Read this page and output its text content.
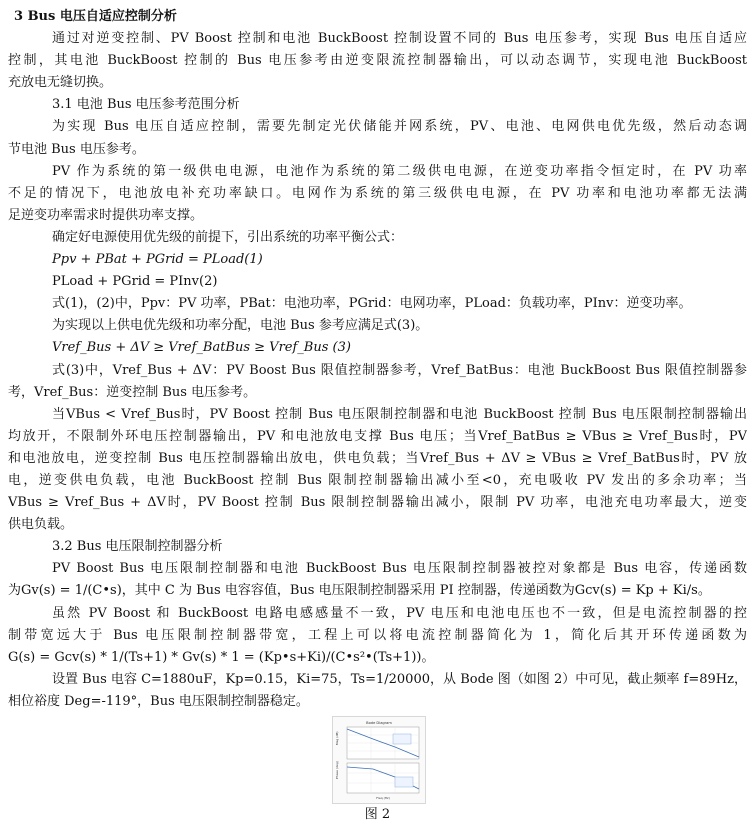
3 Bus 电压自适应控制分析
通过对逆变控制、PV Boost 控制和电池 BuckBoost 控制设置不同的 Bus 电压参考，实现 Bus 电压自适应
控制，其电池 BuckBoost 控制的 Bus 电压参考由逆变限流控制器输出，可以动态调节，实现电池 BuckBoost
充放电无缝切换。
3.1 电池 Bus 电压参考范围分析
为实现 Bus 电压自适应控制，需要先制定光伏储能并网系统，PV、电池、电网供电优先级，然后动态调
节电池 Bus 电压参考。
PV 作为系统的第一级供电电源，电池作为系统的第二级供电电源，在逆变功率指令恒定时，在 PV 功率
不足的情况下，电池放电补充功率缺口。电网作为系统的第三级供电电源，在 PV 功率和电池功率都无法满
足逆变功率需求时提供功率支撑。
确定好电源使用优先级的前提下，引出系统的功率平衡公式：
Ppv + PBat + PGrid = PLoad(1)
PLoad + PGrid = PInv(2)
式(1)，(2)中，Ppv：PV 功率，PBat：电池功率，PGrid：电网功率，PLoad：负载功率，PInv：逆变功率。
为实现以上供电优先级和功率分配，电池 Bus 参考应满足式(3)。
Vref_Bus + ΔV ≥ Vref_BatBus ≥ Vref_Bus (3)
式(3)中，Vref_Bus + ΔV：PV Boost Bus 限值控制器参考，Vref_BatBus：电池 BuckBoost Bus 限值控制器参
考，Vref_Bus：逆变控制 Bus 电压参考。
当VBus < Vref_Bus时，PV Boost 控制 Bus 电压限制控制器和电池 BuckBoost 控制 Bus 电压限制控制器输出
均放开，不限制外环电压控制器输出，PV 和电池放电支撑 Bus 电压；当Vref_BatBus ≥ VBus ≥ Vref_Bus时，PV
和电池放电，逆变控制 Bus 电压控制器输出放电，供电负载；当Vref_Bus + ΔV ≥ VBus ≥ Vref_BatBus时，PV 放
电，逆变供电负载，电池 BuckBoost 控制 Bus 限制控制器输出减小至<0，充电吸收 PV 发出的多余功率；当
VBus ≥ Vref_Bus + ΔV时，PV Boost 控制 Bus 限制控制器输出减小，限制 PV 功率，电池充电功率最大，逆变
供电负载。
3.2 Bus 电压限制控制器分析
PV Boost Bus 电压限制控制器和电池 BuckBoost Bus 电压限制控制器被控对象都是 Bus 电容，传递函数
为Gv(s) = 1/(C•s)，其中 C 为 Bus 电容容值，Bus 电压限制控制器采用 PI 控制器，传递函数为Gcv(s) = Kp + Ki/s。
虽然 PV Boost 和 BuckBoost 电路电感感量不一致，PV 电压和电池电压也不一致，但是电流控制器的控
制带宽远大于 Bus 电压限制控制器带宽，工程上可以将电流控制器简化为 1，简化后其开环传递函数为
G(s) = Gcv(s) * 1/(Ts+1) * Gv(s) * 1 = (Kp•s+Ki)/(C•s²•(Ts+1))。
设置 Bus 电容 C=1880uF，Kp=0.15，Ki=75，Ts=1/20000，从 Bode 图（如图 2）中可见，截止频率 f=89Hz，
相位裕度 Deg=-119°，Bus 电压限制控制器稳定。
Bode Diagram
Mag (dB)
Phase (deg)
Freq (Hz)
图 2
